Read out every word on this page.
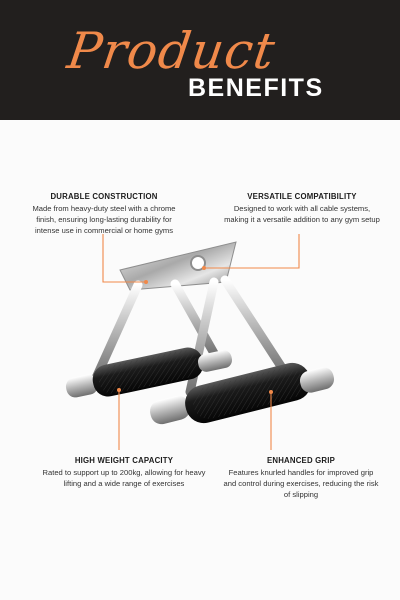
Product
BENEFITS
DURABLE CONSTRUCTION
Made from heavy-duty steel with a chrome finish, ensuring long-lasting durability for intense use in commercial or home gyms
VERSATILE COMPATIBILITY
Designed to work with all cable systems, making it a versatile addition to any gym setup
HIGH WEIGHT CAPACITY
Rated to support up to 200kg, allowing for heavy lifting and a wide range of exercises
ENHANCED GRIP
Features knurled handles for improved grip and control during exercises, reducing the risk of slipping
